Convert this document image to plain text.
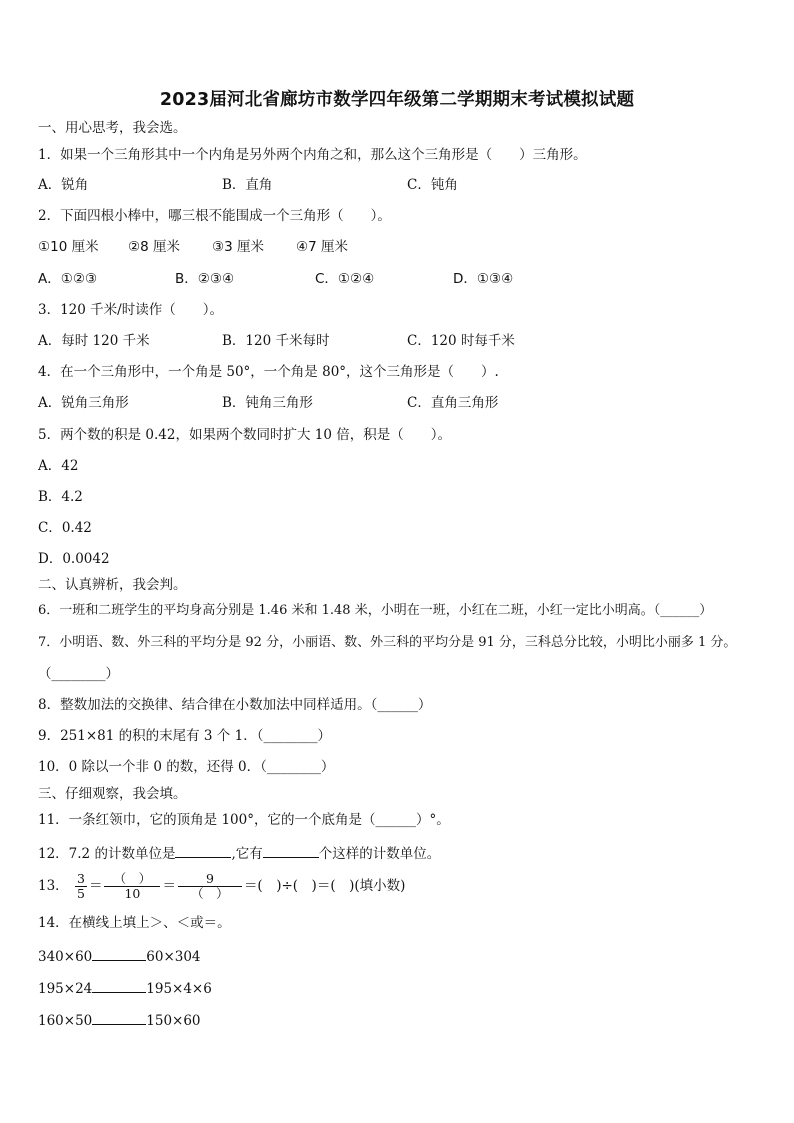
2023届河北省廊坊市数学四年级第二学期期末考试模拟试题
一、用心思考，我会选。
1．如果一个三角形其中一个内角是另外两个内角之和，那么这个三角形是（　　）三角形。
A．锐角	B．直角	C．钝角
2．下面四根小棒中，哪三根不能围成一个三角形（　　）。
①10 厘米 ②8 厘米 ③3 厘米 ④7 厘米
A．①②③	B．②③④	C．①②④	D．①③④
3．120 千米/时读作（　　）。
A．每时 120 千米	B．120 千米每时	C．120 时每千米
4．在一个三角形中，一个角是 50°，一个角是 80°，这个三角形是（　　）.
A．锐角三角形	B．钝角三角形	C．直角三角形
5．两个数的积是 0.42，如果两个数同时扩大 10 倍，积是（　　）。
A．42
B．4.2
C．0.42
D．0.0042
二、认真辨析，我会判。
6．一班和二班学生的平均身高分别是 1.46 米和 1.48 米，小明在一班，小红在二班，小红一定比小明高。（______）
7．小明语、数、外三科的平均分是 92 分，小丽语、数、外三科的平均分是 91 分，三科总分比较，小明比小丽多 1 分。
（________）
8．整数加法的交换律、结合律在小数加法中同样适用。（______）
9．251×81 的积的末尾有 3 个 1．（________）
10．0 除以一个非 0 的数，还得 0．（________）
三、仔细观察，我会填。
11．一条红领巾，它的顶角是 100°，它的一个底角是（______）°。
12．7.2 的计数单位是	,它有	个这样的计数单位。
13． $\frac{3}{5} = \frac{( )}{10} = \frac{9}{( )}$ ＝(　)÷(　)＝(　)(填小数)
14．在横线上填上＞、＜或＝。
340×60	60×304
195×24	195×4×6
160×50	150×60
